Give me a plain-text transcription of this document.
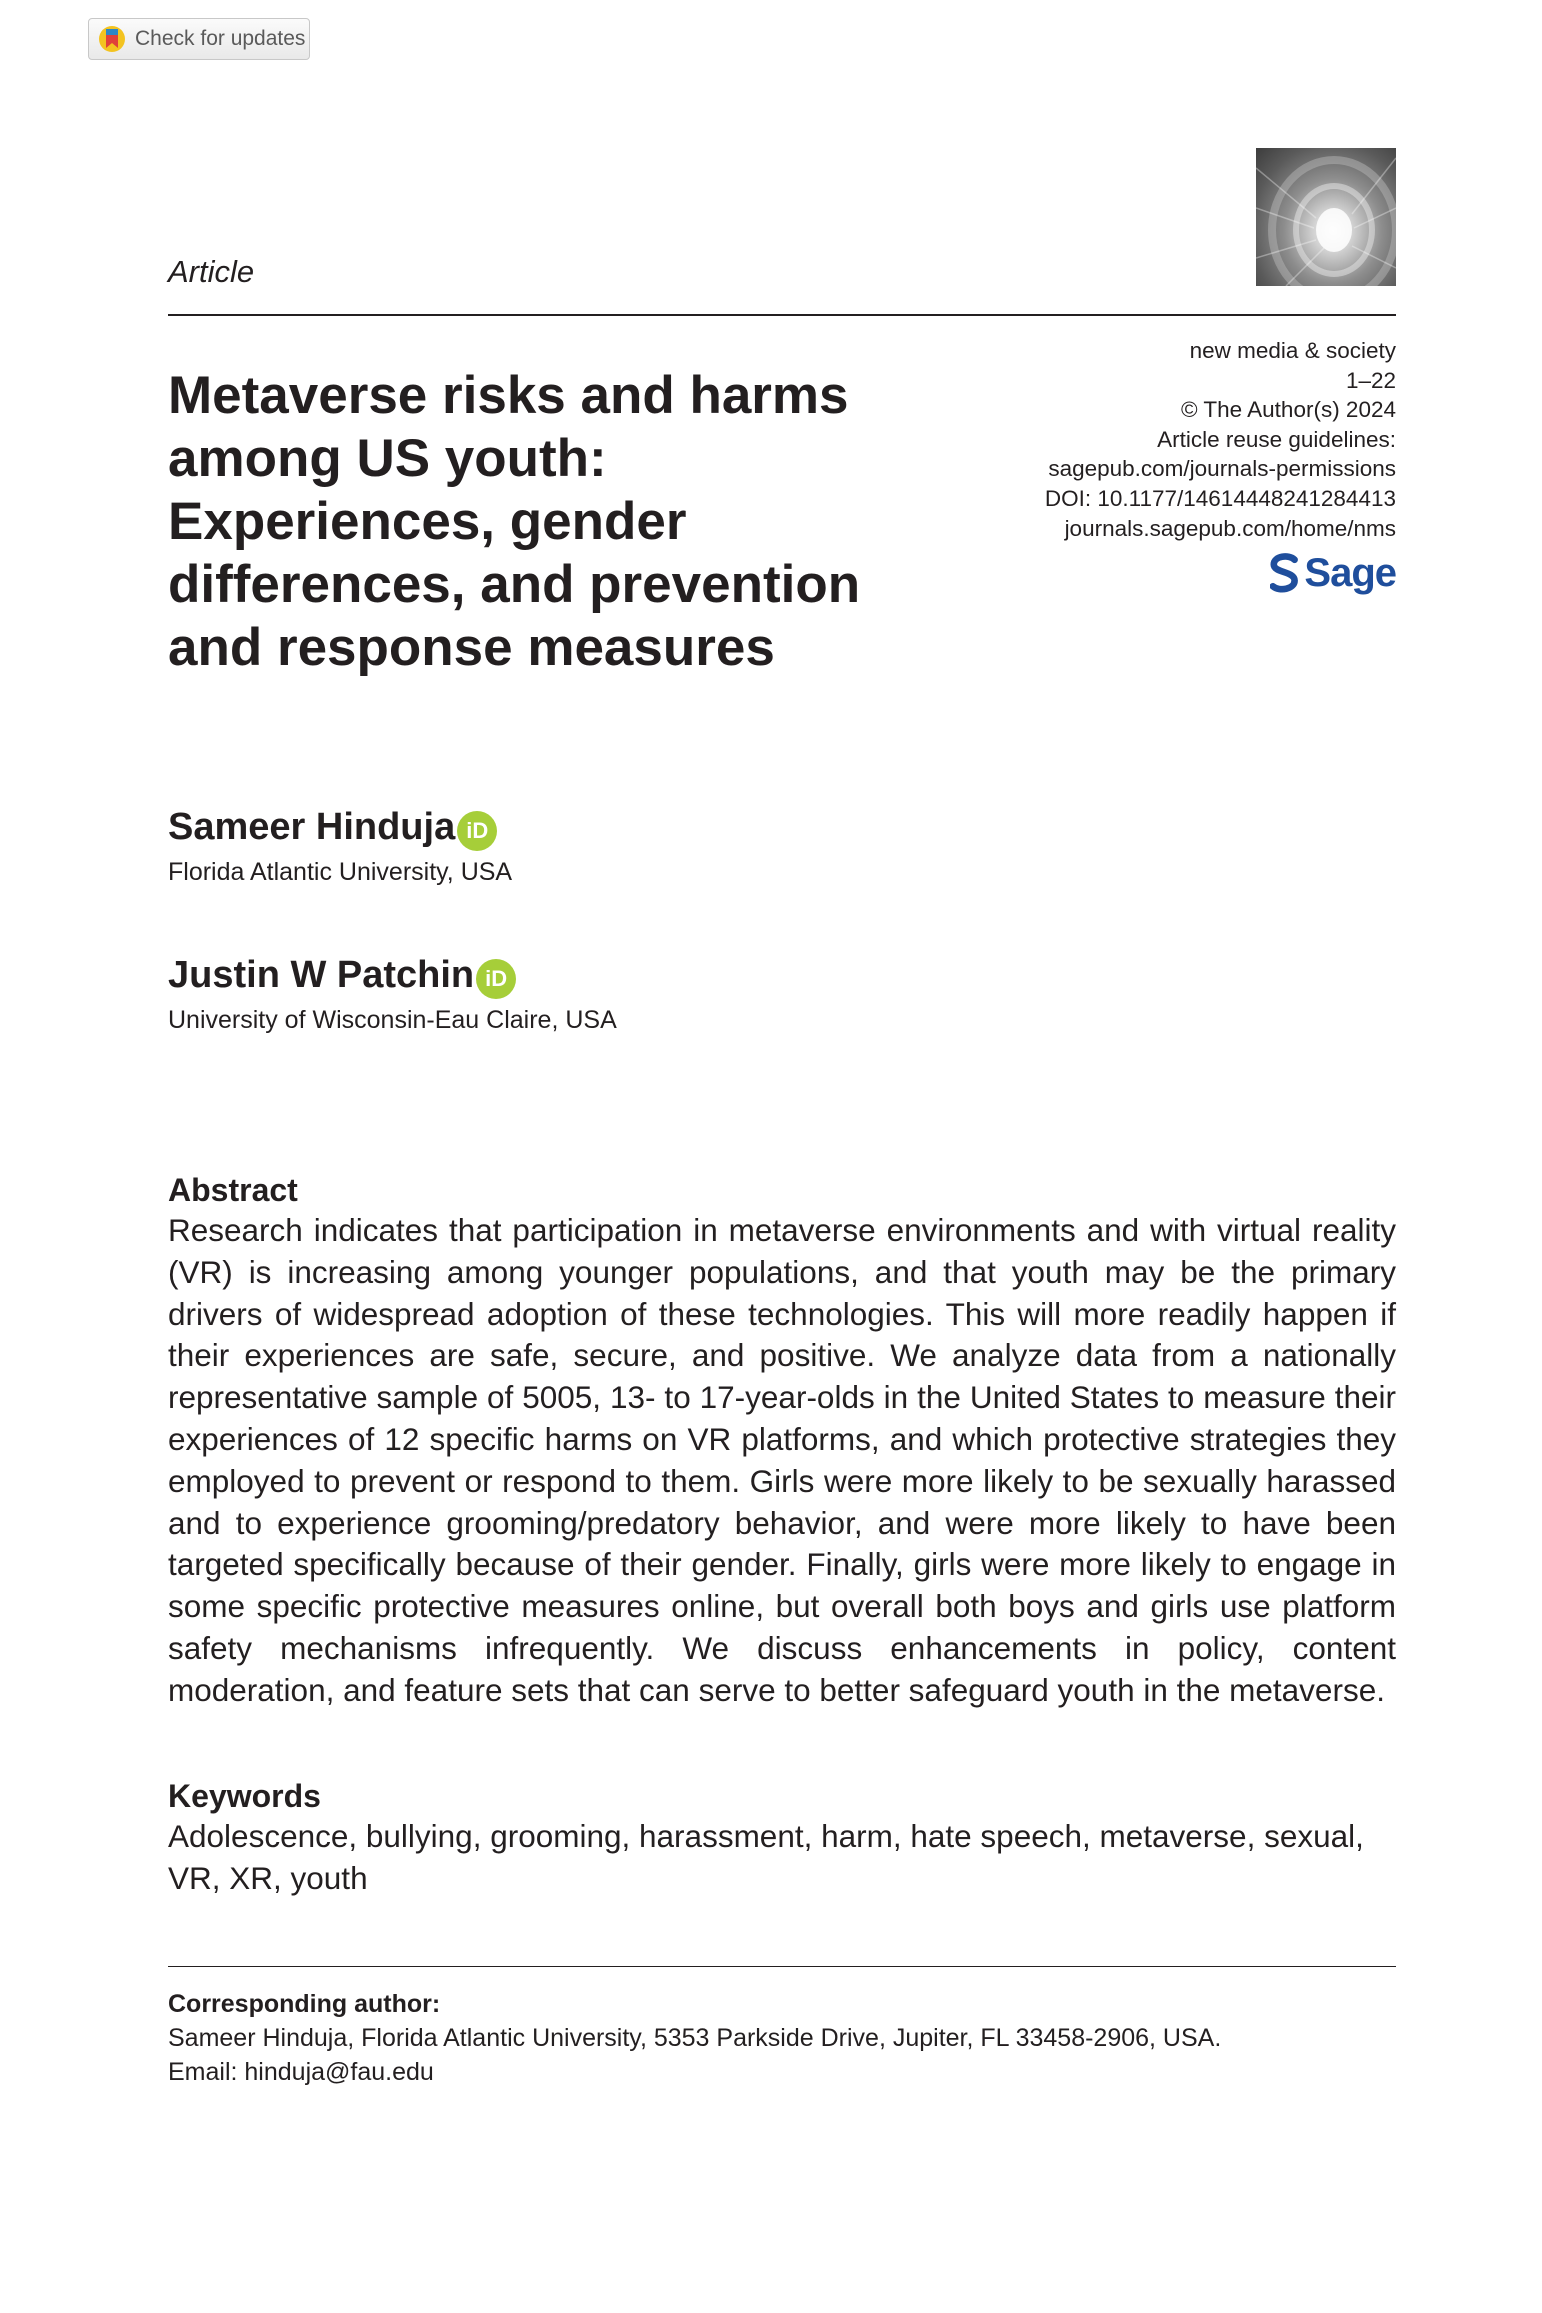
Check for updates
Article
Metaverse risks and harms among US youth: Experiences, gender differences, and prevention and response measures
new media & society
1–22
© The Author(s) 2024
Article reuse guidelines:
sagepub.com/journals-permissions
DOI: 10.1177/14614448241284413
journals.sagepub.com/home/nms
Sage
Sameer Hinduja iD
Florida Atlantic University, USA
Justin W Patchin iD
University of Wisconsin-Eau Claire, USA
Abstract
Research indicates that participation in metaverse environments and with virtual reality (VR) is increasing among younger populations, and that youth may be the primary drivers of widespread adoption of these technologies. This will more readily happen if their experiences are safe, secure, and positive. We analyze data from a nationally representative sample of 5005, 13- to 17-year-olds in the United States to measure their experiences of 12 specific harms on VR platforms, and which protective strategies they employed to prevent or respond to them. Girls were more likely to be sexually harassed and to experience grooming/predatory behavior, and were more likely to have been targeted specifically because of their gender. Finally, girls were more likely to engage in some specific protective measures online, but overall both boys and girls use platform safety mechanisms infrequently. We discuss enhancements in policy, content moderation, and feature sets that can serve to better safeguard youth in the metaverse.
Keywords
Adolescence, bullying, grooming, harassment, harm, hate speech, metaverse, sexual, VR, XR, youth
Corresponding author:
Sameer Hinduja, Florida Atlantic University, 5353 Parkside Drive, Jupiter, FL 33458-2906, USA.
Email: hinduja@fau.edu
